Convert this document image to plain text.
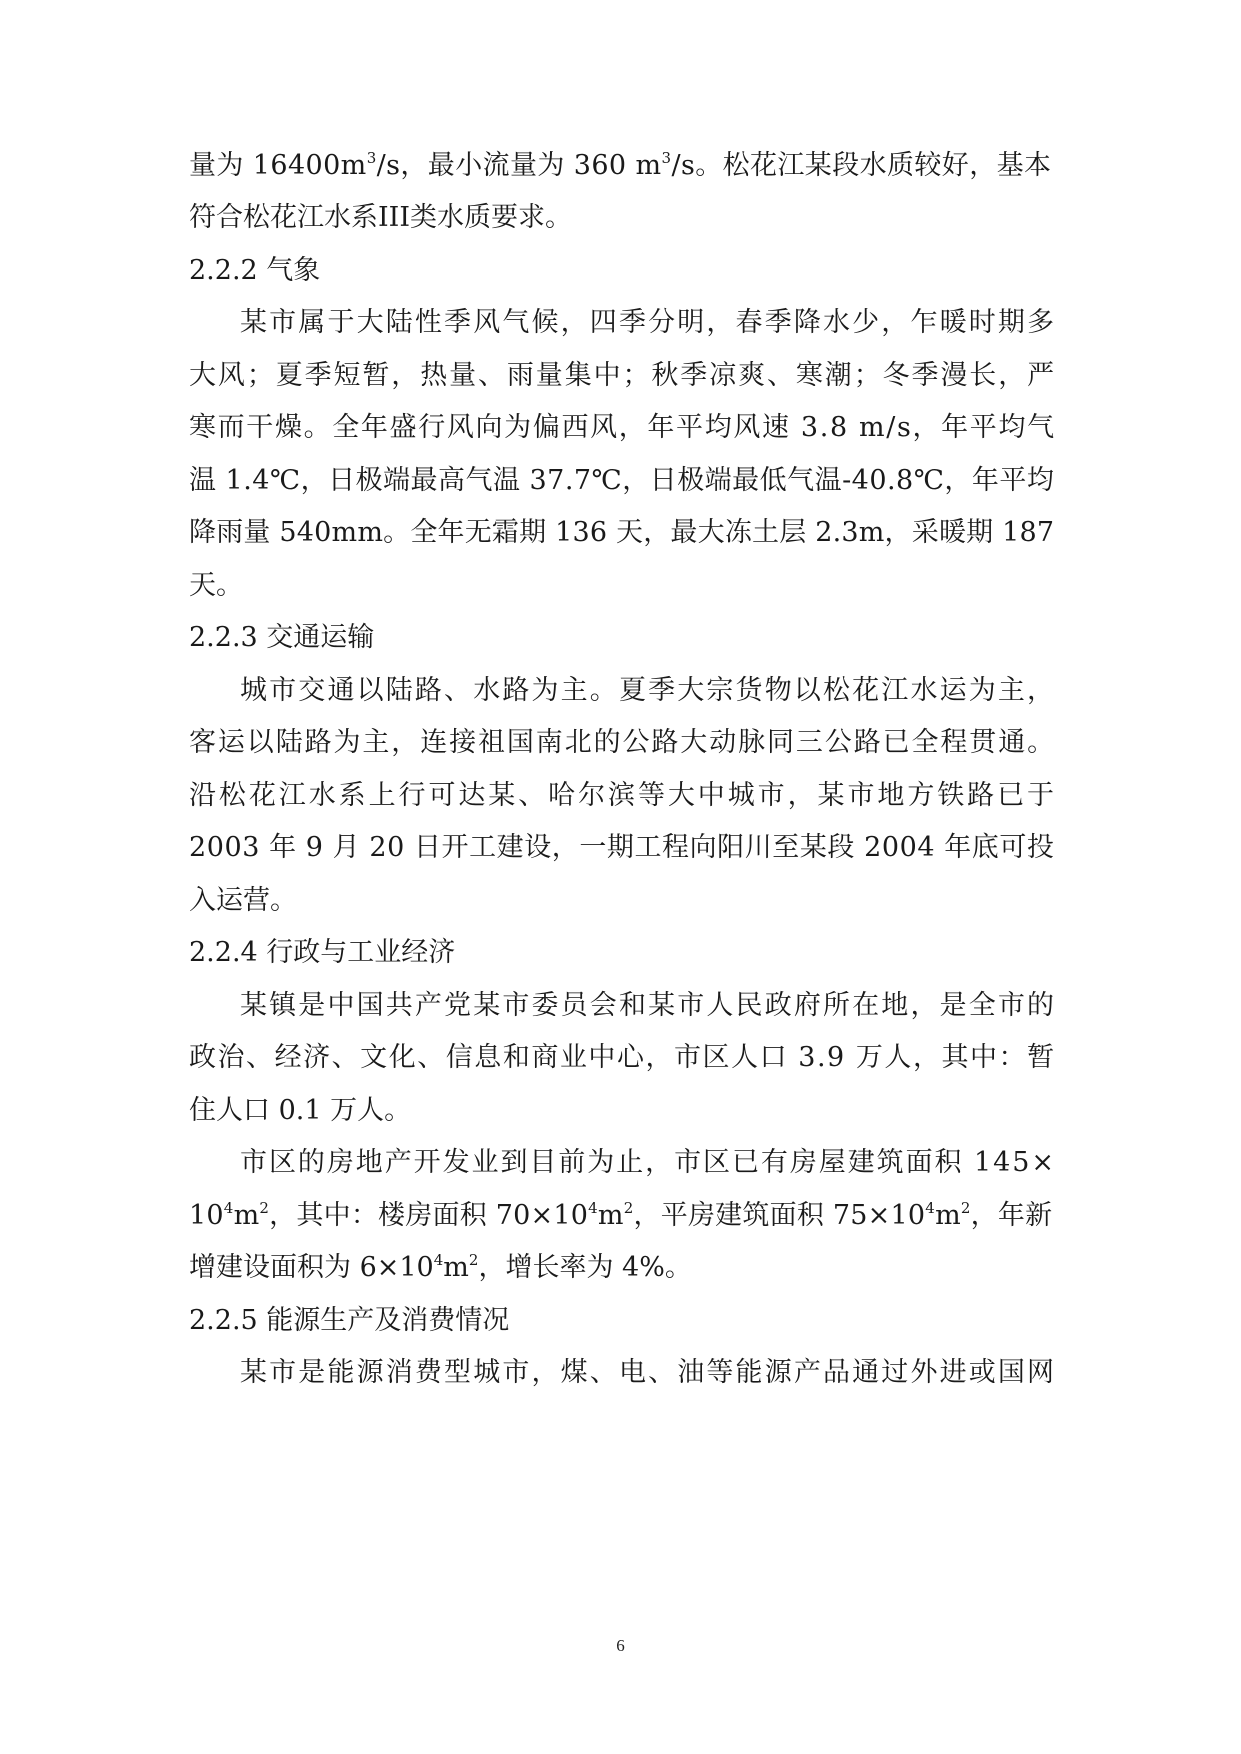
量为 $16400m^3/s$，最小流量为 360 $m^3/s$。松花江某段水质较好，基本
符合松花江水系III类水质要求。
2.2.2 气象
某市属于大陆性季风气候，四季分明，春季降水少，乍暖时期多
大风；夏季短暂，热量、雨量集中；秋季凉爽、寒潮；冬季漫长，严
寒而干燥。全年盛行风向为偏西风，年平均风速 3.8 m/s，年平均气
温 1.4℃，日极端最高气温 37.7℃，日极端最低气温-40.8℃，年平均
降雨量 540mm。全年无霜期 136 天，最大冻土层 2.3m，采暖期 187
天。
2.2.3 交通运输
城市交通以陆路、水路为主。夏季大宗货物以松花江水运为主，
客运以陆路为主，连接祖国南北的公路大动脉同三公路已全程贯通。
沿松花江水系上行可达某、哈尔滨等大中城市，某市地方铁路已于
2003 年 9 月 20 日开工建设，一期工程向阳川至某段 2004 年底可投
入运营。
2.2.4 行政与工业经济
某镇是中国共产党某市委员会和某市人民政府所在地，是全市的
政治、经济、文化、信息和商业中心，市区人口 3.9 万人，其中：暂
住人口 0.1 万人。
市区的房地产开发业到目前为止，市区已有房屋建筑面积 145×
$10^4m^2$，其中：楼房面积 $70\times 10^4m^2$，平房建筑面积 $75\times 10^4m^2$，年新
增建设面积为 $6\times 10^4m^2$，增长率为 4%。
2.2.5 能源生产及消费情况
某市是能源消费型城市，煤、电、油等能源产品通过外进或国网
6
